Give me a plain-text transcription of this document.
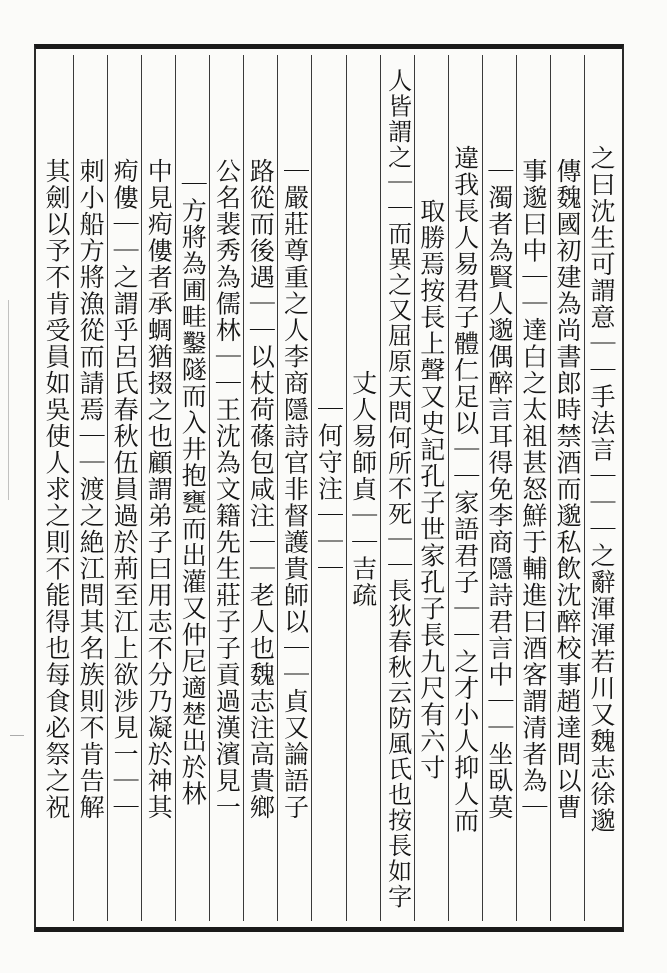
之曰沈生可謂意｜｜手法言｜｜｜之辭渾渾若川又魏志徐邈
傳魏國初建為尚書郎時禁酒而邈私飲沈醉校事趙達問以曹
事邈曰中｜｜達白之太祖甚怒鮮于輔進曰酒客謂清者為｜
｜濁者為賢人邈偶醉言耳得免李商隱詩君言中｜｜坐臥莫
違我長人易君子體仁足以｜｜家語君子｜｜之才小人抑人而
取勝焉按長上聲又史記孔子世家孔子長九尺有六寸
人皆謂之｜｜而異之又屈原天問何所不死｜｜長狄春秋云防風氏也按長如字
丈人易師貞｜｜吉疏
｜何守注｜｜｜
｜嚴莊尊重之人李商隱詩官非督護貴師以｜｜貞又論語子
路從而後遇｜｜以杖荷蓧包咸注｜｜老人也魏志注高貴鄉
公名裴秀為儒林｜｜王沈為文籍先生莊子子貢過漢濱見一
｜方將為圃畦鑿隧而入井抱甕而出灌又仲尼適楚出於林
中見痀僂者承蜩猶掇之也顧謂弟子曰用志不分乃凝於神其
痀僂｜｜之謂乎呂氏春秋伍員過於荊至江上欲涉見一｜｜
刺小船方將漁從而請焉｜｜渡之絶江問其名族則不肯告解
其劍以予不肯受員如吳使人求之則不能得也每食必祭之祝
